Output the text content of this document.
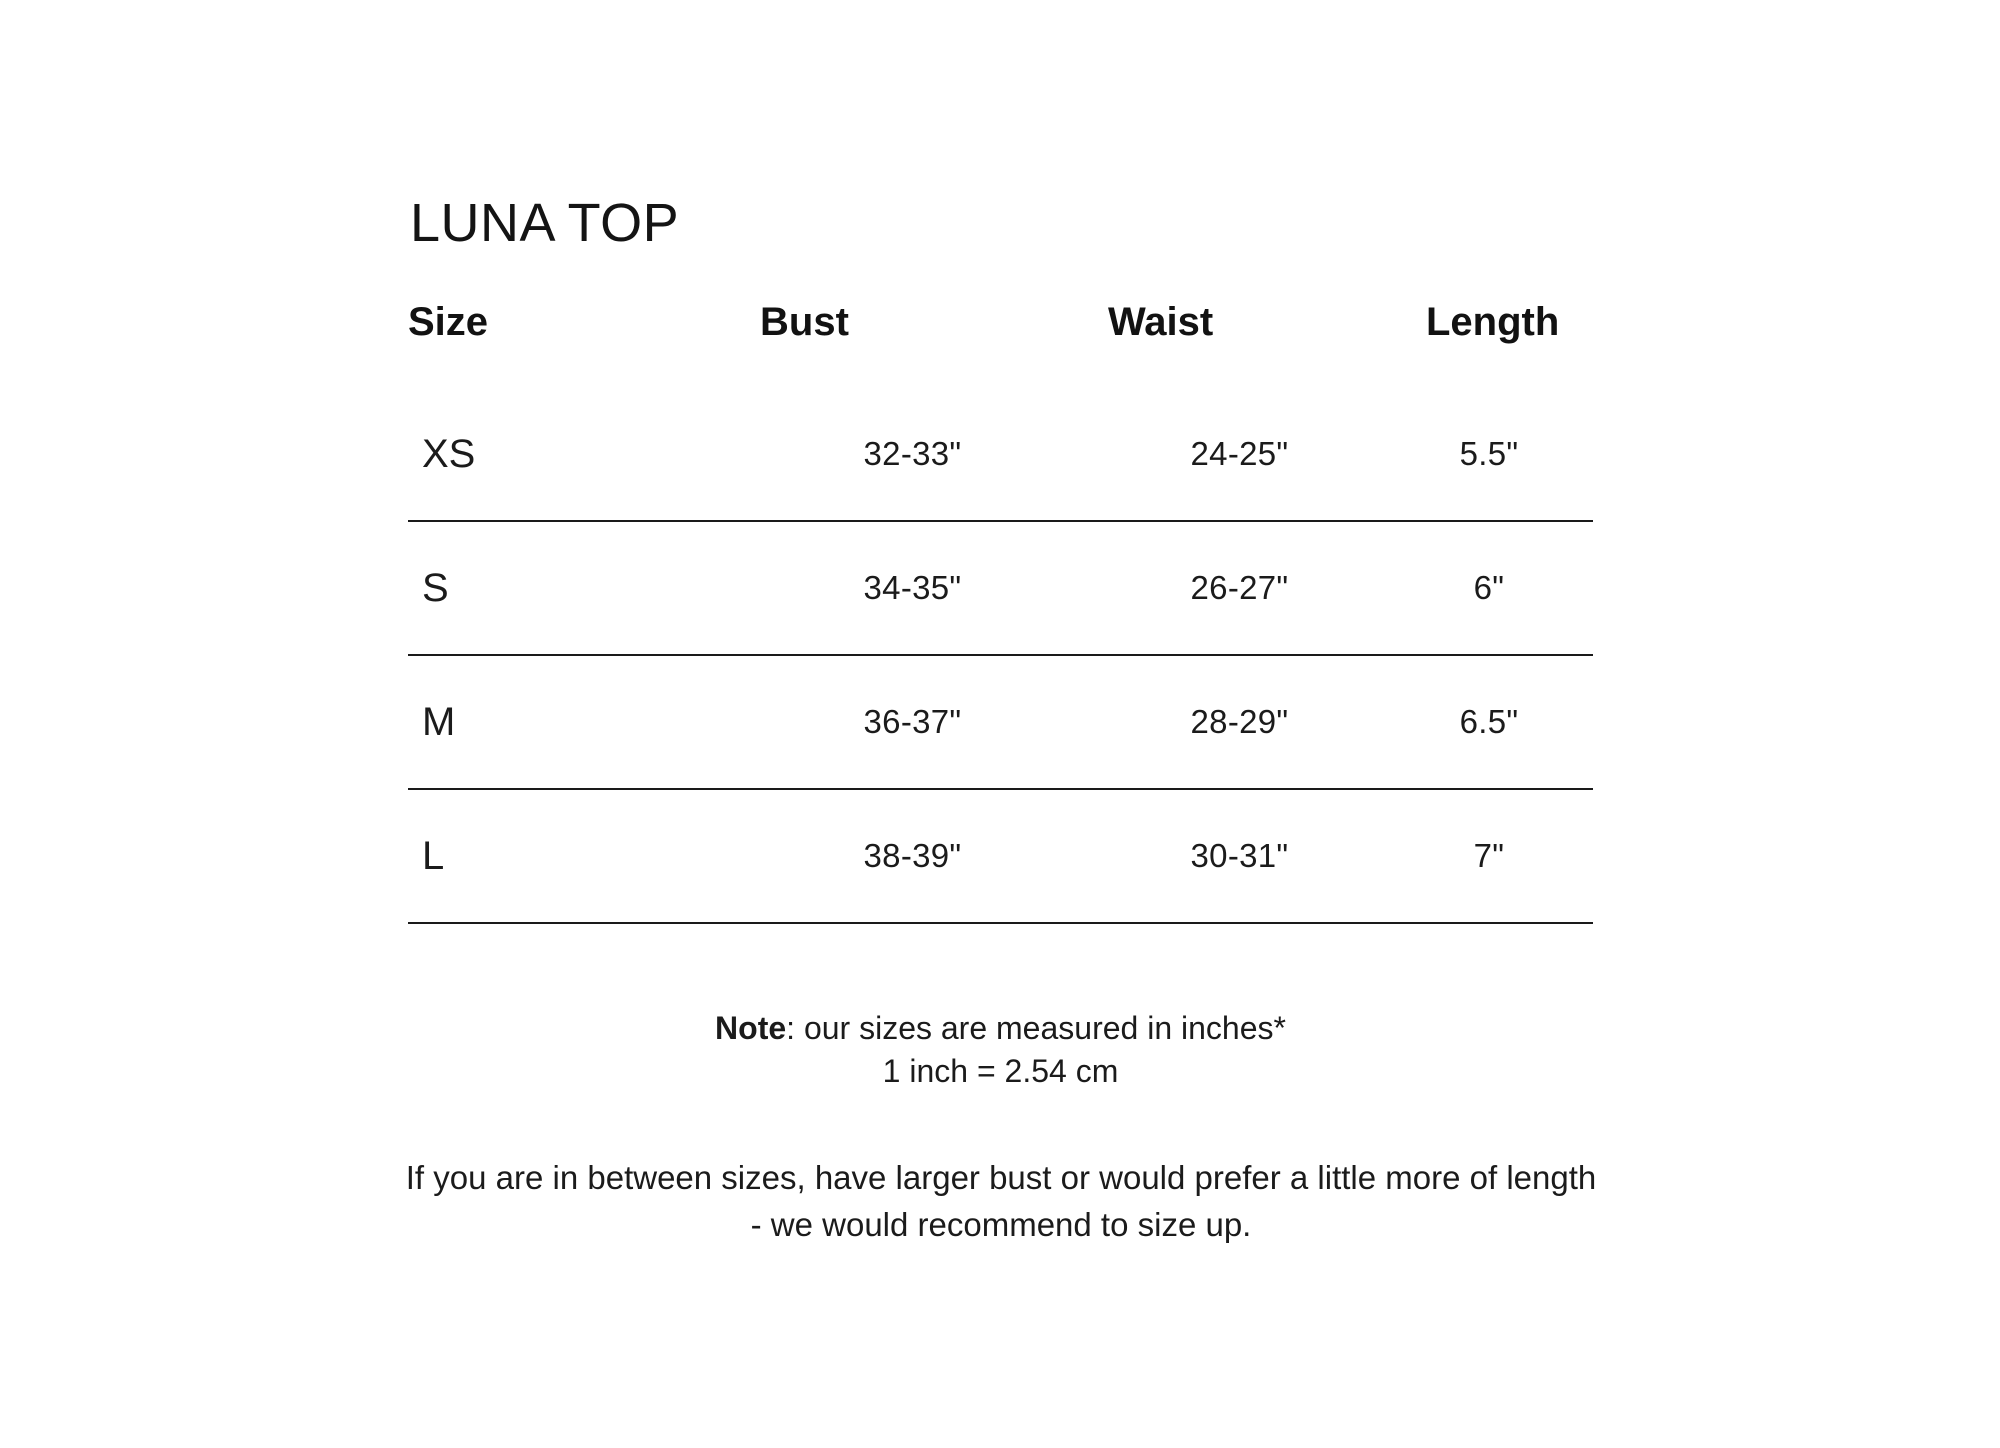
LUNA TOP
Size	Bust	Waist	Length
XS	32-33"	24-25"	5.5"
S	34-35"	26-27"	6"
M	36-37"	28-29"	6.5"
L	38-39"	30-31"	7"
Note: our sizes are measured in inches*
1 inch = 2.54 cm
If you are in between sizes, have larger bust or would prefer a little more of length - we would recommend to size up.
